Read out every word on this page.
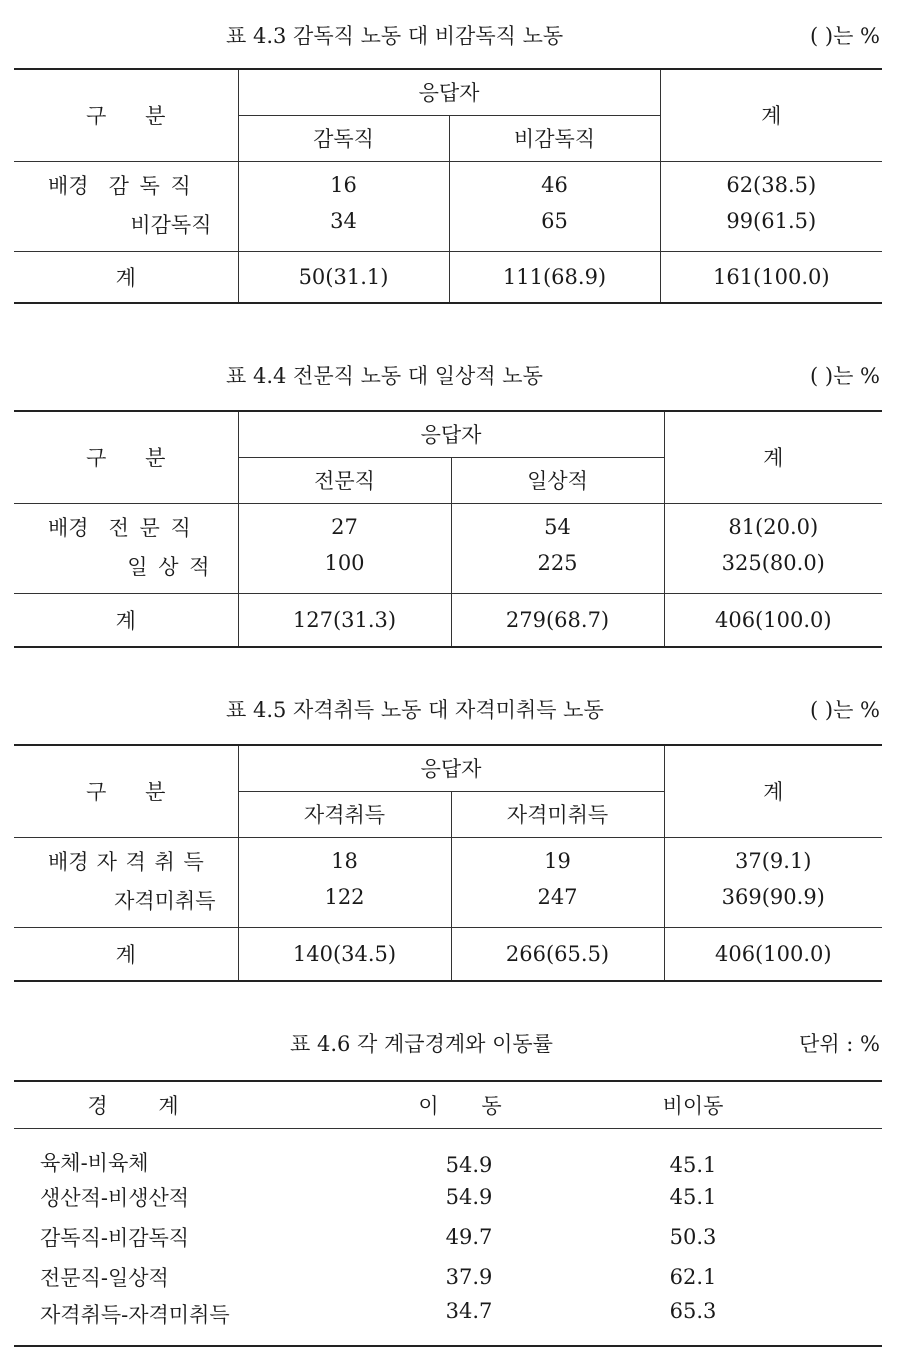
표 4.3 감독직 노동 대 비감독직 노동	( )는 %
구 분	응답자		계
	감독직	비감독직	
배경 감 독 직	16	46	62(38.5)
비감독직	34	65	99(61.5)
계	50(31.1)	111(68.9)	161(100.0)
표 4.4 전문직 노동 대 일상적 노동	( )는 %
구 분	응답자		계
	전문직	일상적	
배경 전 문 직	27	54	81(20.0)
일 상 적	100	225	325(80.0)
계	127(31.3)	279(68.7)	406(100.0)
표 4.5 자격취득 노동 대 자격미취득 노동	( )는 %
구 분	응답자		계
	자격취득	자격미취득	
배경 자 격 취 득	18	19	37(9.1)
자격미취득	122	247	369(90.9)
계	140(34.5)	266(65.5)	406(100.0)
표 4.6 각 계급경계와 이동률	단위 : %
경 계	이 동	비이동
육체-비육체	54.9	45.1
생산적-비생산적	54.9	45.1
감독직-비감독직	49.7	50.3
전문직-일상적	37.9	62.1
자격취득-자격미취득	34.7	65.3
